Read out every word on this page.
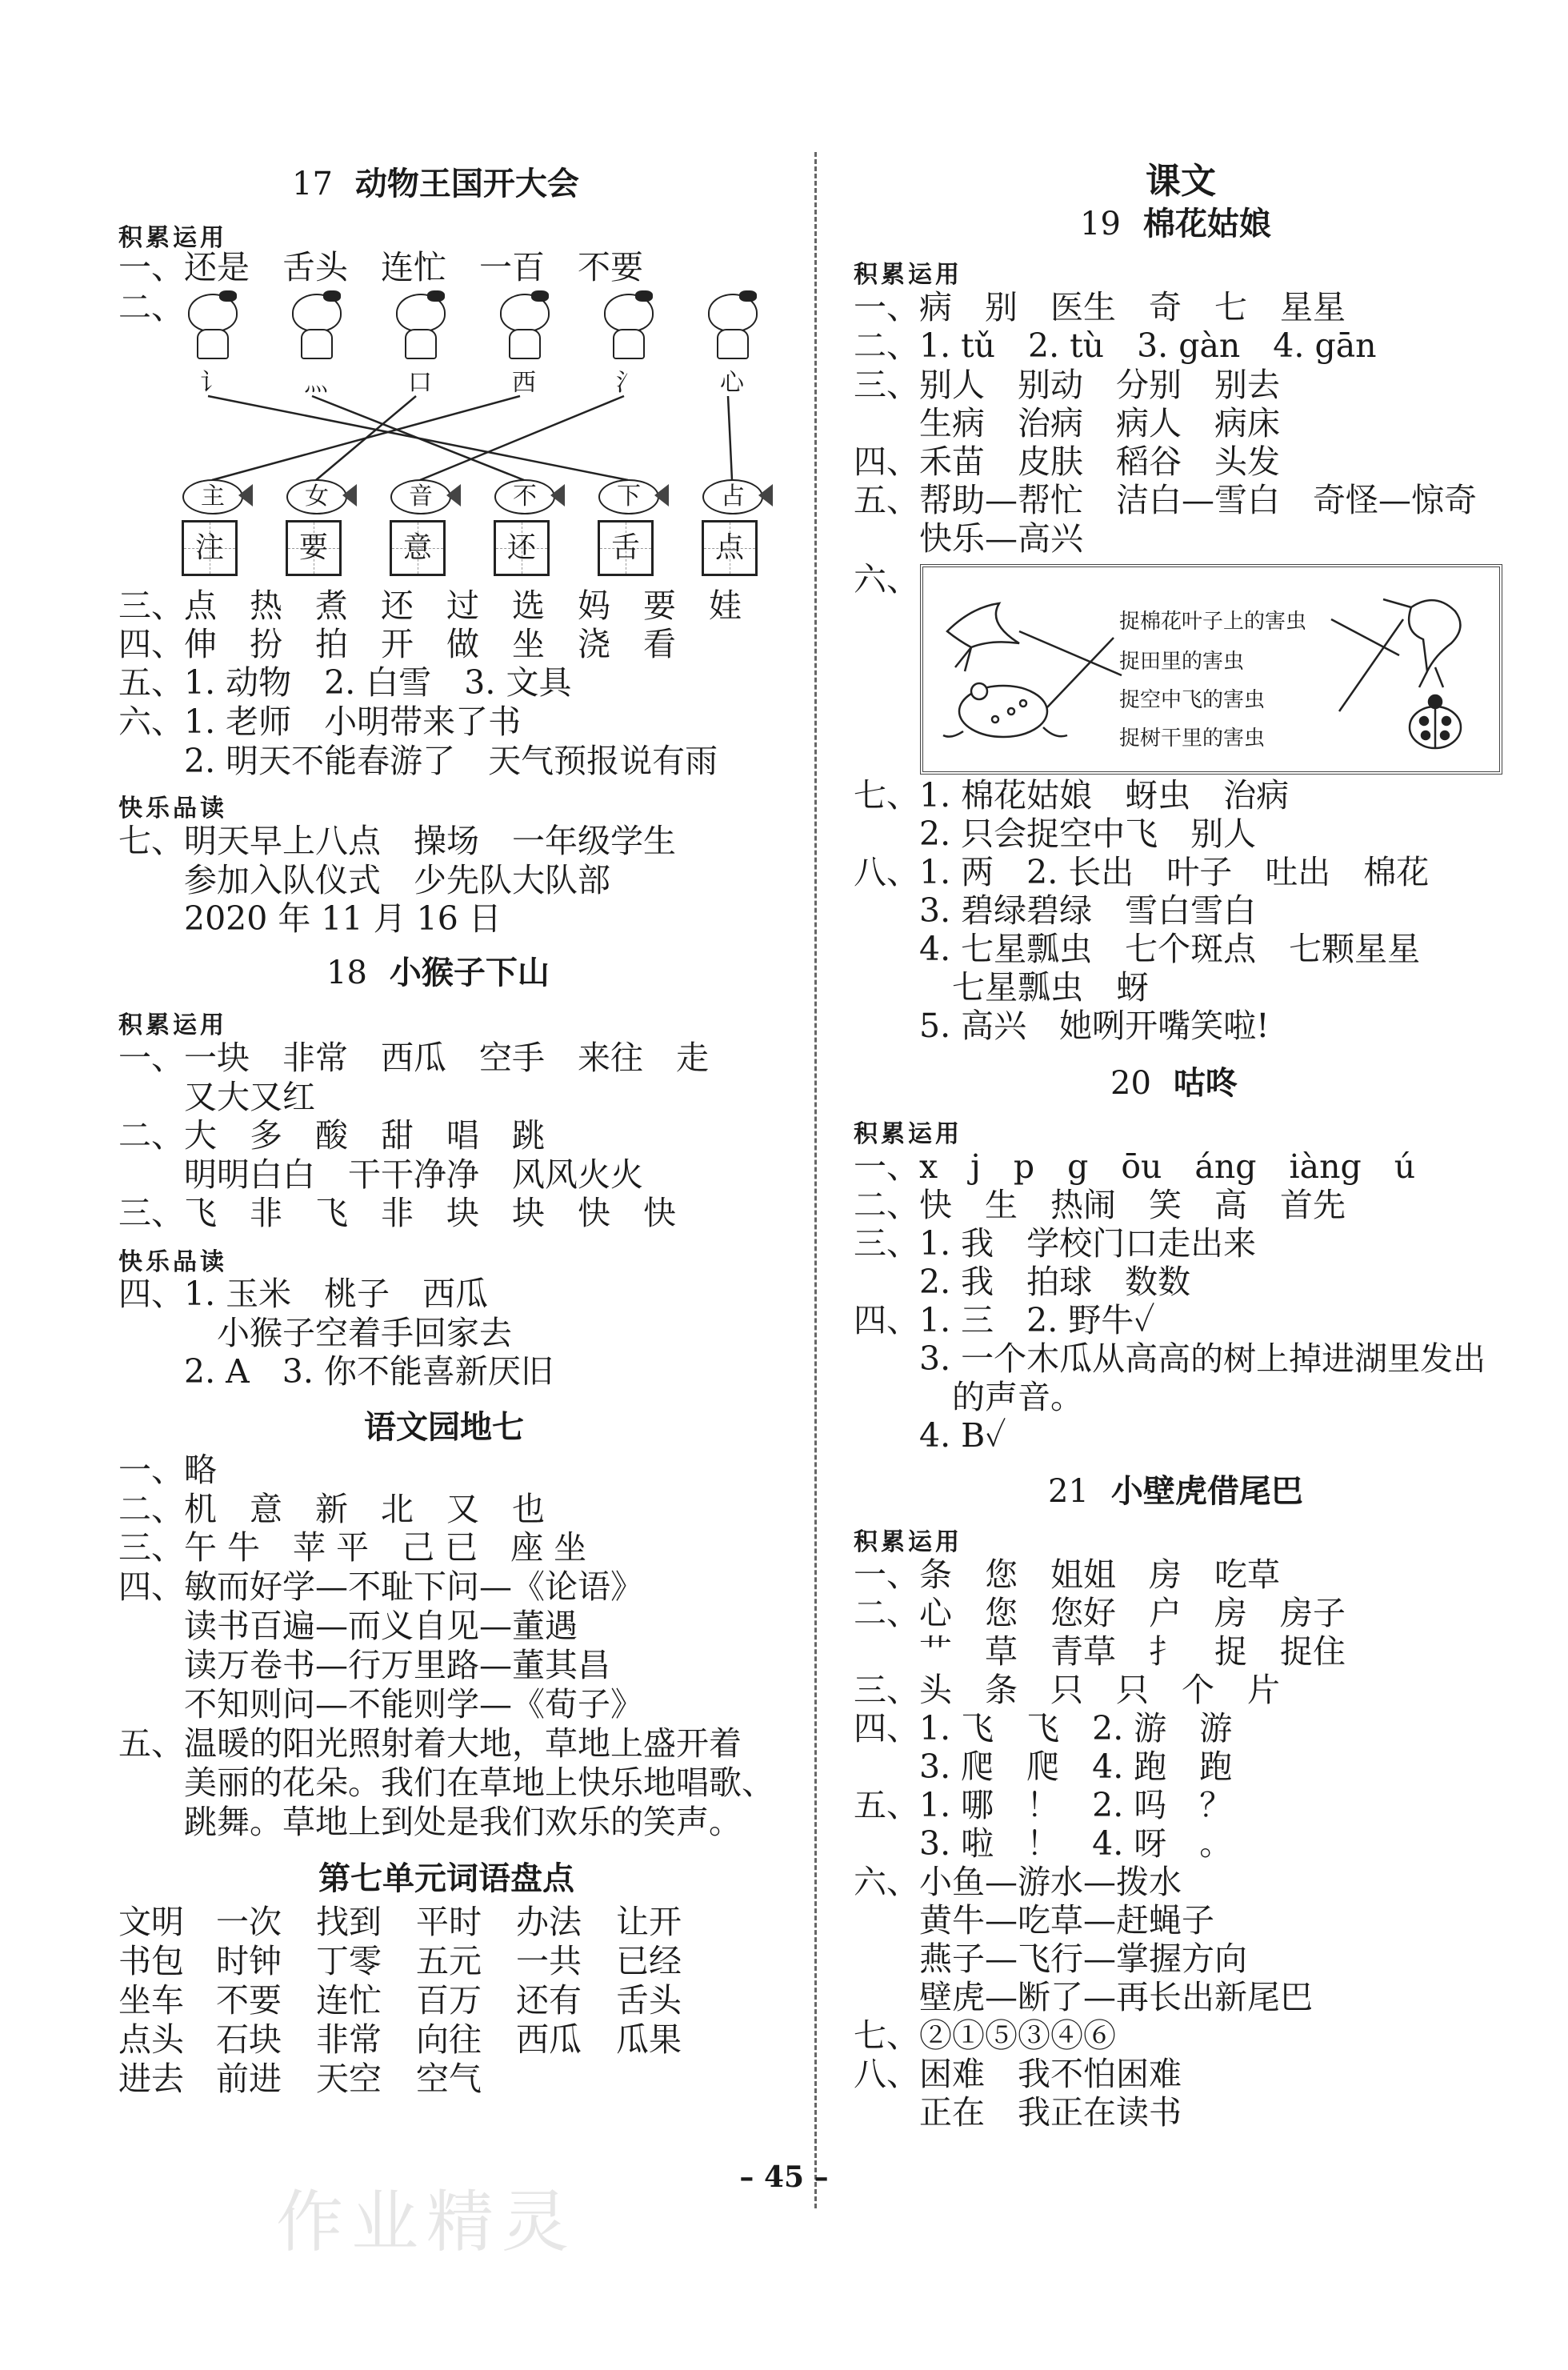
17 动物王国开大会
积累运用
一、还是　舌头　连忙　一百　不要
二、
讠	灬	口	西	氵	心
主	女	音	不	下	占
注	要	意	还	舌	点
三、点　热　煮　还　过　选　妈　要　娃
四、伸　扮　拍　开　做　坐　浇　看
五、1. 动物　2. 白雪　3. 文具
六、1. 老师　小明带来了书
　　2. 明天不能春游了　天气预报说有雨
快乐品读
七、明天早上八点　操场　一年级学生
　　参加入队仪式　少先队大队部
　　2020 年 11 月 16 日
18 小猴子下山
积累运用
一、一块　非常　西瓜　空手　来往　走
　　又大又红
二、大　多　酸　甜　唱　跳
　　明明白白　干干净净　风风火火
三、飞　非　飞　非　块　块　快　快
快乐品读
四、1. 玉米　桃子　西瓜
　　　小猴子空着手回家去
　　2. A　3. 你不能喜新厌旧
语文园地七
一、略
二、机　意　新　北　又　也
三、午 牛　苹 平　己 已　座 坐
四、敏而好学—不耻下问—《论语》
　　读书百遍—而义自见—董遇
　　读万卷书—行万里路—董其昌
　　不知则问—不能则学—《荀子》
五、温暖的阳光照射着大地，草地上盛开着
　　美丽的花朵。我们在草地上快乐地唱歌、
　　跳舞。草地上到处是我们欢乐的笑声。
第七单元词语盘点
文明 一次 找到 平时 办法 让开
书包 时钟 丁零 五元 一共 已经
坐车 不要 连忙 百万 还有 舌头
点头 石块 非常 向往 西瓜 瓜果
进去 前进 天空 空气
课文
19 棉花姑娘
积累运用
一、病　别　医生　奇　七　星星
二、1. tǔ　2. tù　3. gàn　4. gān
三、别人　别动　分别　别去
　　生病　治病　病人　病床
四、禾苗　皮肤　稻谷　头发
五、帮助—帮忙　洁白—雪白　奇怪—惊奇
　　快乐—高兴
六、
捉棉花叶子上的害虫
捉田里的害虫
捉空中飞的害虫
捉树干里的害虫
七、1. 棉花姑娘　蚜虫　治病
　　2. 只会捉空中飞　别人
八、1. 两　2. 长出　叶子　吐出　棉花
　　3. 碧绿碧绿　雪白雪白
　　4. 七星瓢虫　七个斑点　七颗星星
　　　七星瓢虫　蚜
　　5. 高兴　她咧开嘴笑啦!
20 咕咚
积累运用
一、x　j　p　g　ōu　áng　iàng　ú
二、快　生　热闹　笑　高　首先
三、1. 我　学校门口走出来
　　2. 我　拍球　数数
四、1. 三　2. 野牛✓
　　3. 一个木瓜从高高的树上掉进湖里发出
　　　的声音。
　　4. B✓
21 小壁虎借尾巴
积累运用
一、条　您　姐姐　房　吃草
二、心　您　您好　户　房　房子
　　艹　草　青草　扌　捉　捉住
三、头　条　只　只　个　片
四、1. 飞　飞　2. 游　游
　　3. 爬　爬　4. 跑　跑
五、1. 哪　！　2. 吗　？
　　3. 啦　！　4. 呀　。
六、小鱼—游水—拨水
　　黄牛—吃草—赶蝇子
　　燕子—飞行—掌握方向
　　壁虎—断了—再长出新尾巴
七、②①⑤③④⑥
八、困难　我不怕困难
　　正在　我正在读书
作业精灵
– 45 –
